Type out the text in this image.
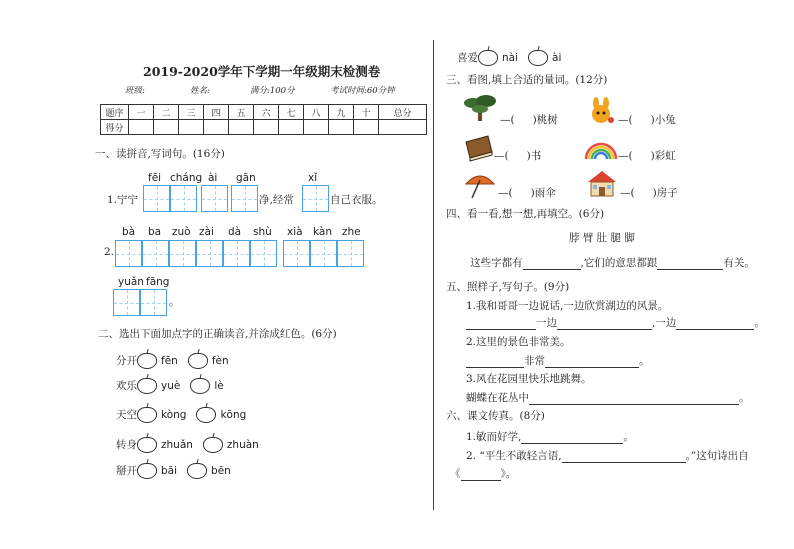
2019-2020学年下学期一年级期末检测卷
班级:	姓名:	满分:100分	考试时间:60分钟
题序	一	二	三	四	五	六	七	八	九	十	总分
得分											
一、读拼音,写词句。(16分)
fēi cháng ài gān	xǐ
1.宁宁	净,经常	自己衣服。
bà ba zuò zài dà shù xià kàn zhe
2.
yuǎn fāng
。
二、选出下面加点字的正确读音,并涂成红色。(6分)
分开 fēn	fèn
欢乐 yuè	lè
天空 kòng	kōng
转身 zhuǎn	zhuàn
掰开 bāi	bēn
喜爱 nài	ài
三、看图,填上合适的量词。(12分)
—( )桃树	—( )小兔
—( )书	—( )彩虹
—( )雨伞	—( )房子
四、看一看,想一想,再填空。(6分)
脖 臂 肚 腿 脚
这些字都有	,它们的意思都跟	有关。
五、照样子,写句子。(9分)
1.我和哥哥一边说话,一边欣赏湖边的风景。
一边	,一边	。
2.这里的景色非常美。
非常	。
3.风在花园里快乐地跳舞。
蝴蝶在花丛中	。
六、课文传真。(8分)
1.敏而好学,	。
2. “平生不敢轻言语,	。”这句诗出自
《	》。
